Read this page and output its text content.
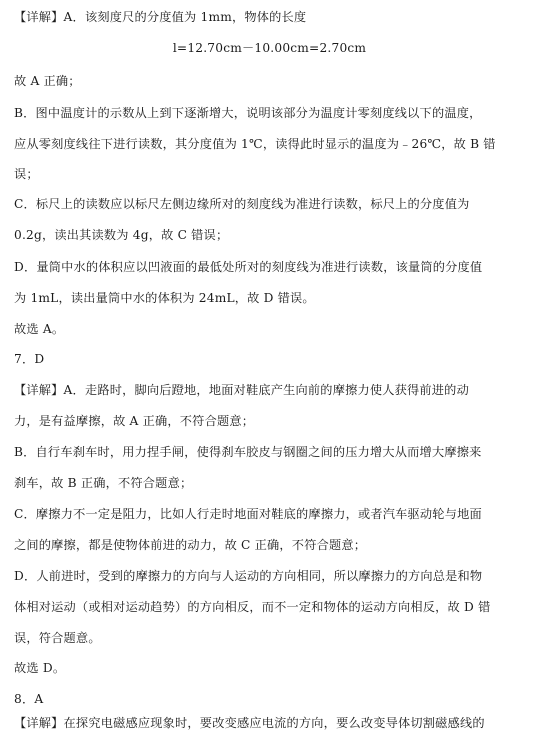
【详解】A．该刻度尺的分度值为 1mm，物体的长度
l=12.70cm－10.00cm=2.70cm
故 A 正确；
B．图中温度计的示数从上到下逐渐增大，说明该部分为温度计零刻度线以下的温度，
应从零刻度线往下进行读数，其分度值为 1℃，读得此时显示的温度为﹣26℃，故 B 错
误；
C．标尺上的读数应以标尺左侧边缘所对的刻度线为准进行读数，标尺上的分度值为
0.2g，读出其读数为 4g，故 C 错误；
D．量筒中水的体积应以凹液面的最低处所对的刻度线为准进行读数，该量筒的分度值
为 1mL，读出量筒中水的体积为 24mL，故 D 错误。
故选 A。
7．D
【详解】A．走路时，脚向后蹬地，地面对鞋底产生向前的摩擦力使人获得前进的动
力，是有益摩擦，故 A 正确，不符合题意；
B．自行车刹车时，用力捏手闸，使得刹车胶皮与钢圈之间的压力增大从而增大摩擦来
刹车，故 B 正确，不符合题意；
C．摩擦力不一定是阻力，比如人行走时地面对鞋底的摩擦力，或者汽车驱动轮与地面
之间的摩擦，都是使物体前进的动力，故 C 正确，不符合题意；
D．人前进时，受到的摩擦力的方向与人运动的方向相同，所以摩擦力的方向总是和物
体相对运动（或相对运动趋势）的方向相反，而不一定和物体的运动方向相反，故 D 错
误，符合题意。
故选 D。
8．A
【详解】在探究电磁感应现象时，要改变感应电流的方向，要么改变导体切割磁感线的
